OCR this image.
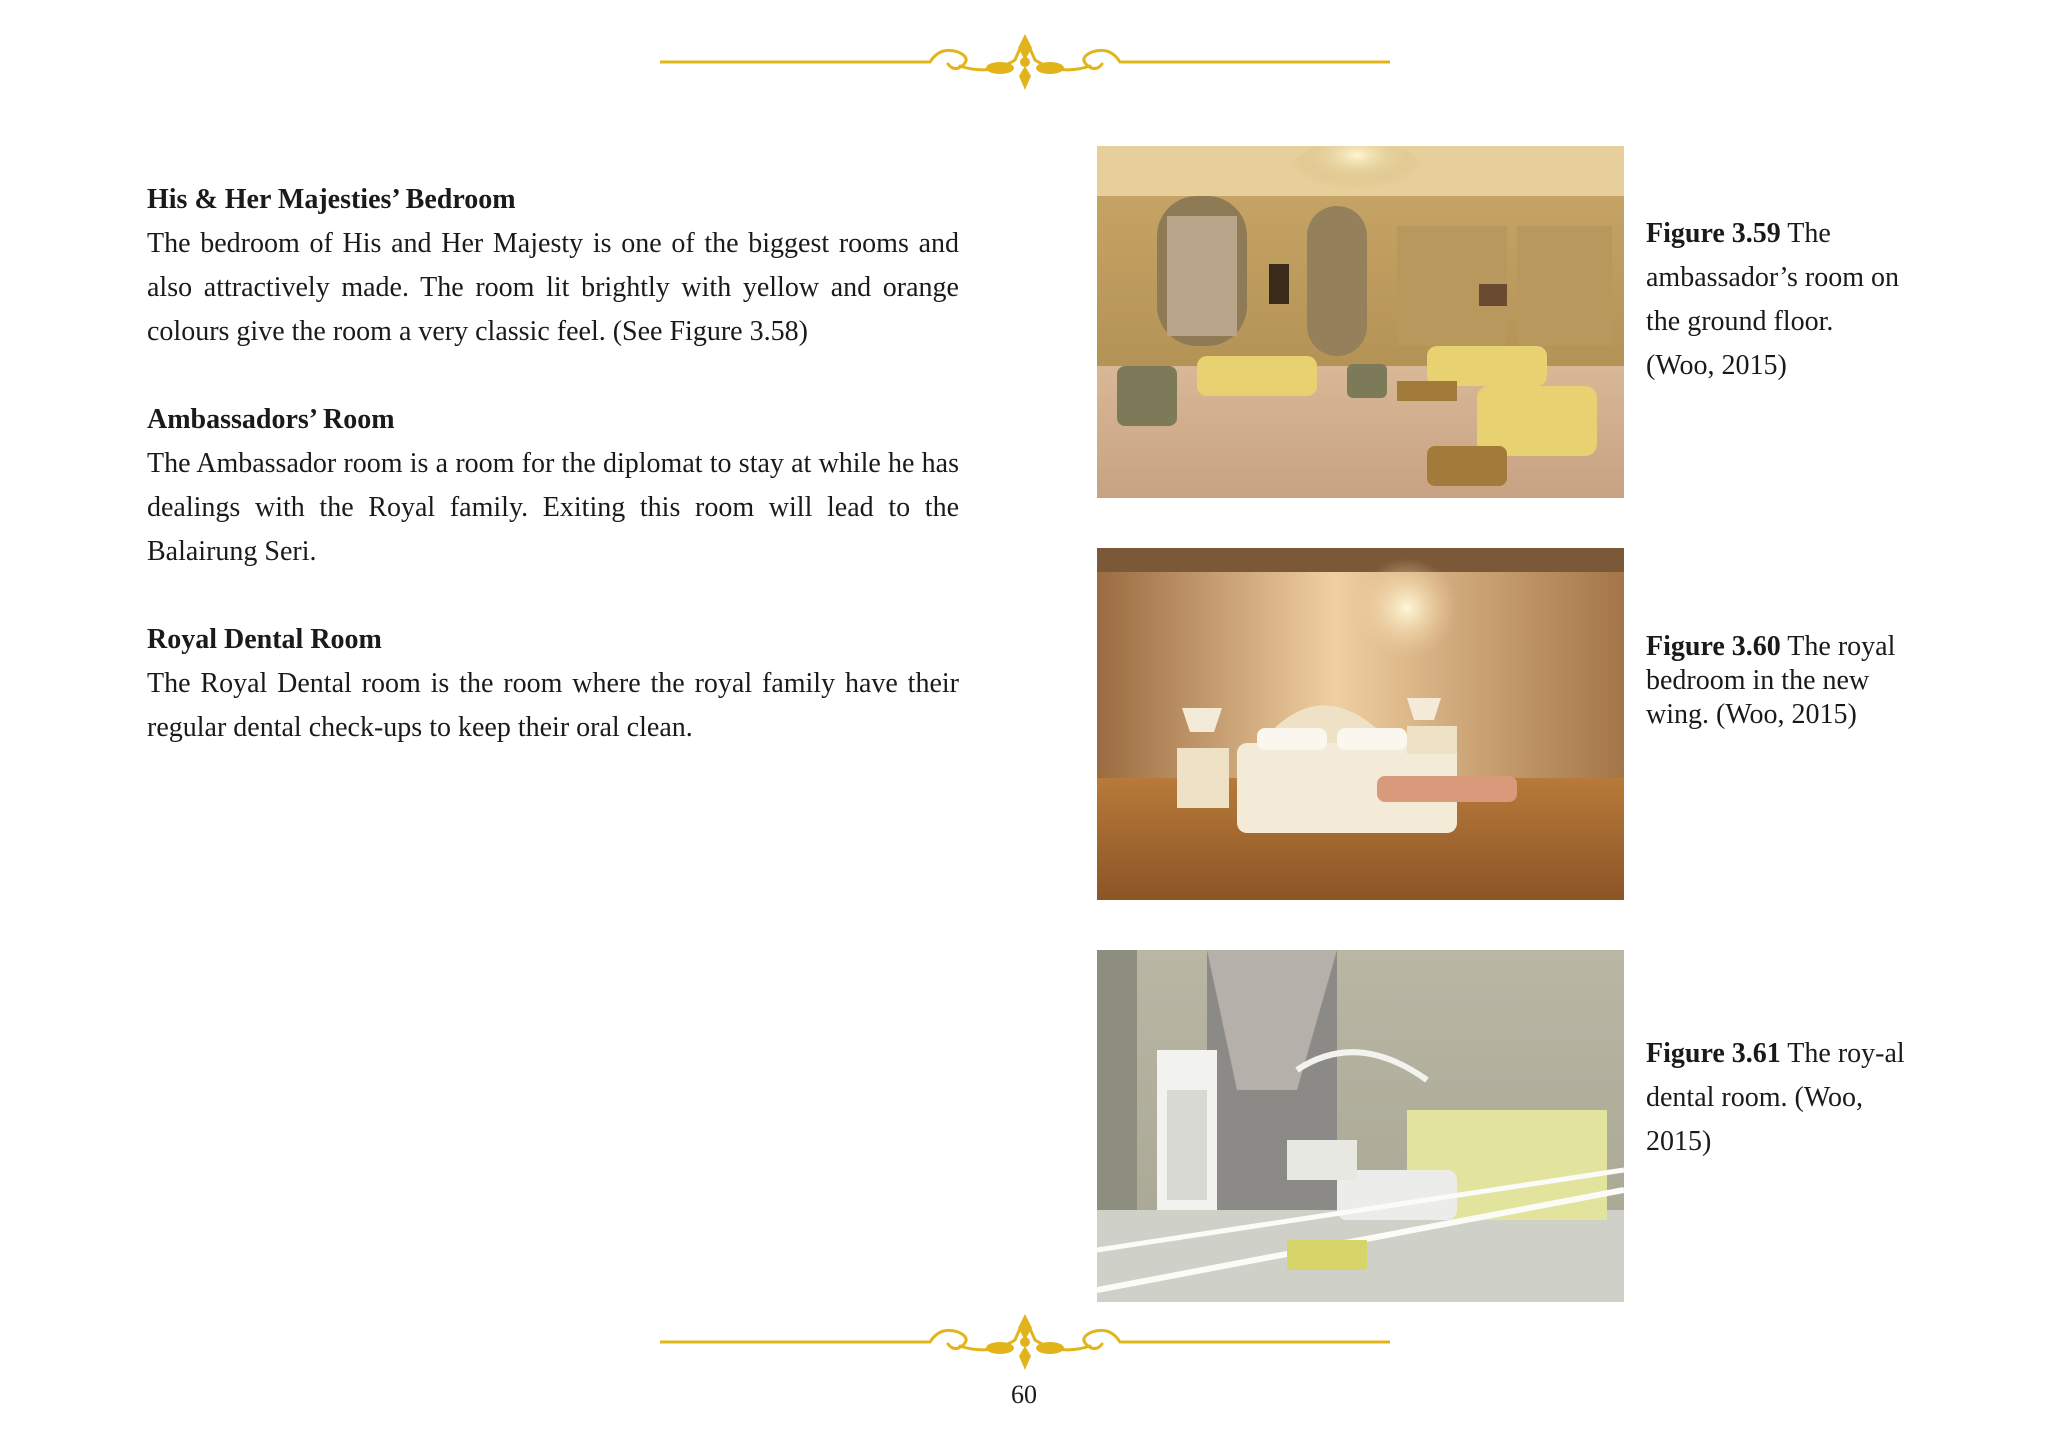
His & Her Majesties’ Bedroom

The bedroom of His and Her Majesty is one of the biggest rooms and also attractively made. The room lit brightly with yellow and orange colours give the room a very classic feel. (See Figure 3.58)

Ambassadors’ Room

The Ambassador room is a room for the diplomat to stay at while he has dealings with the Royal family. Exiting this room will lead to the Balairung Seri.

Royal Dental Room

The Royal Dental room is the room where the royal family have their regular dental check-ups to keep their oral clean.

Figure 3.59 The ambassador’s room on the ground floor. (Woo, 2015)
Figure 3.60 The royal bedroom in the new wing. (Woo, 2015)
Figure 3.61 The roy-al dental room. (Woo, 2015)
60
